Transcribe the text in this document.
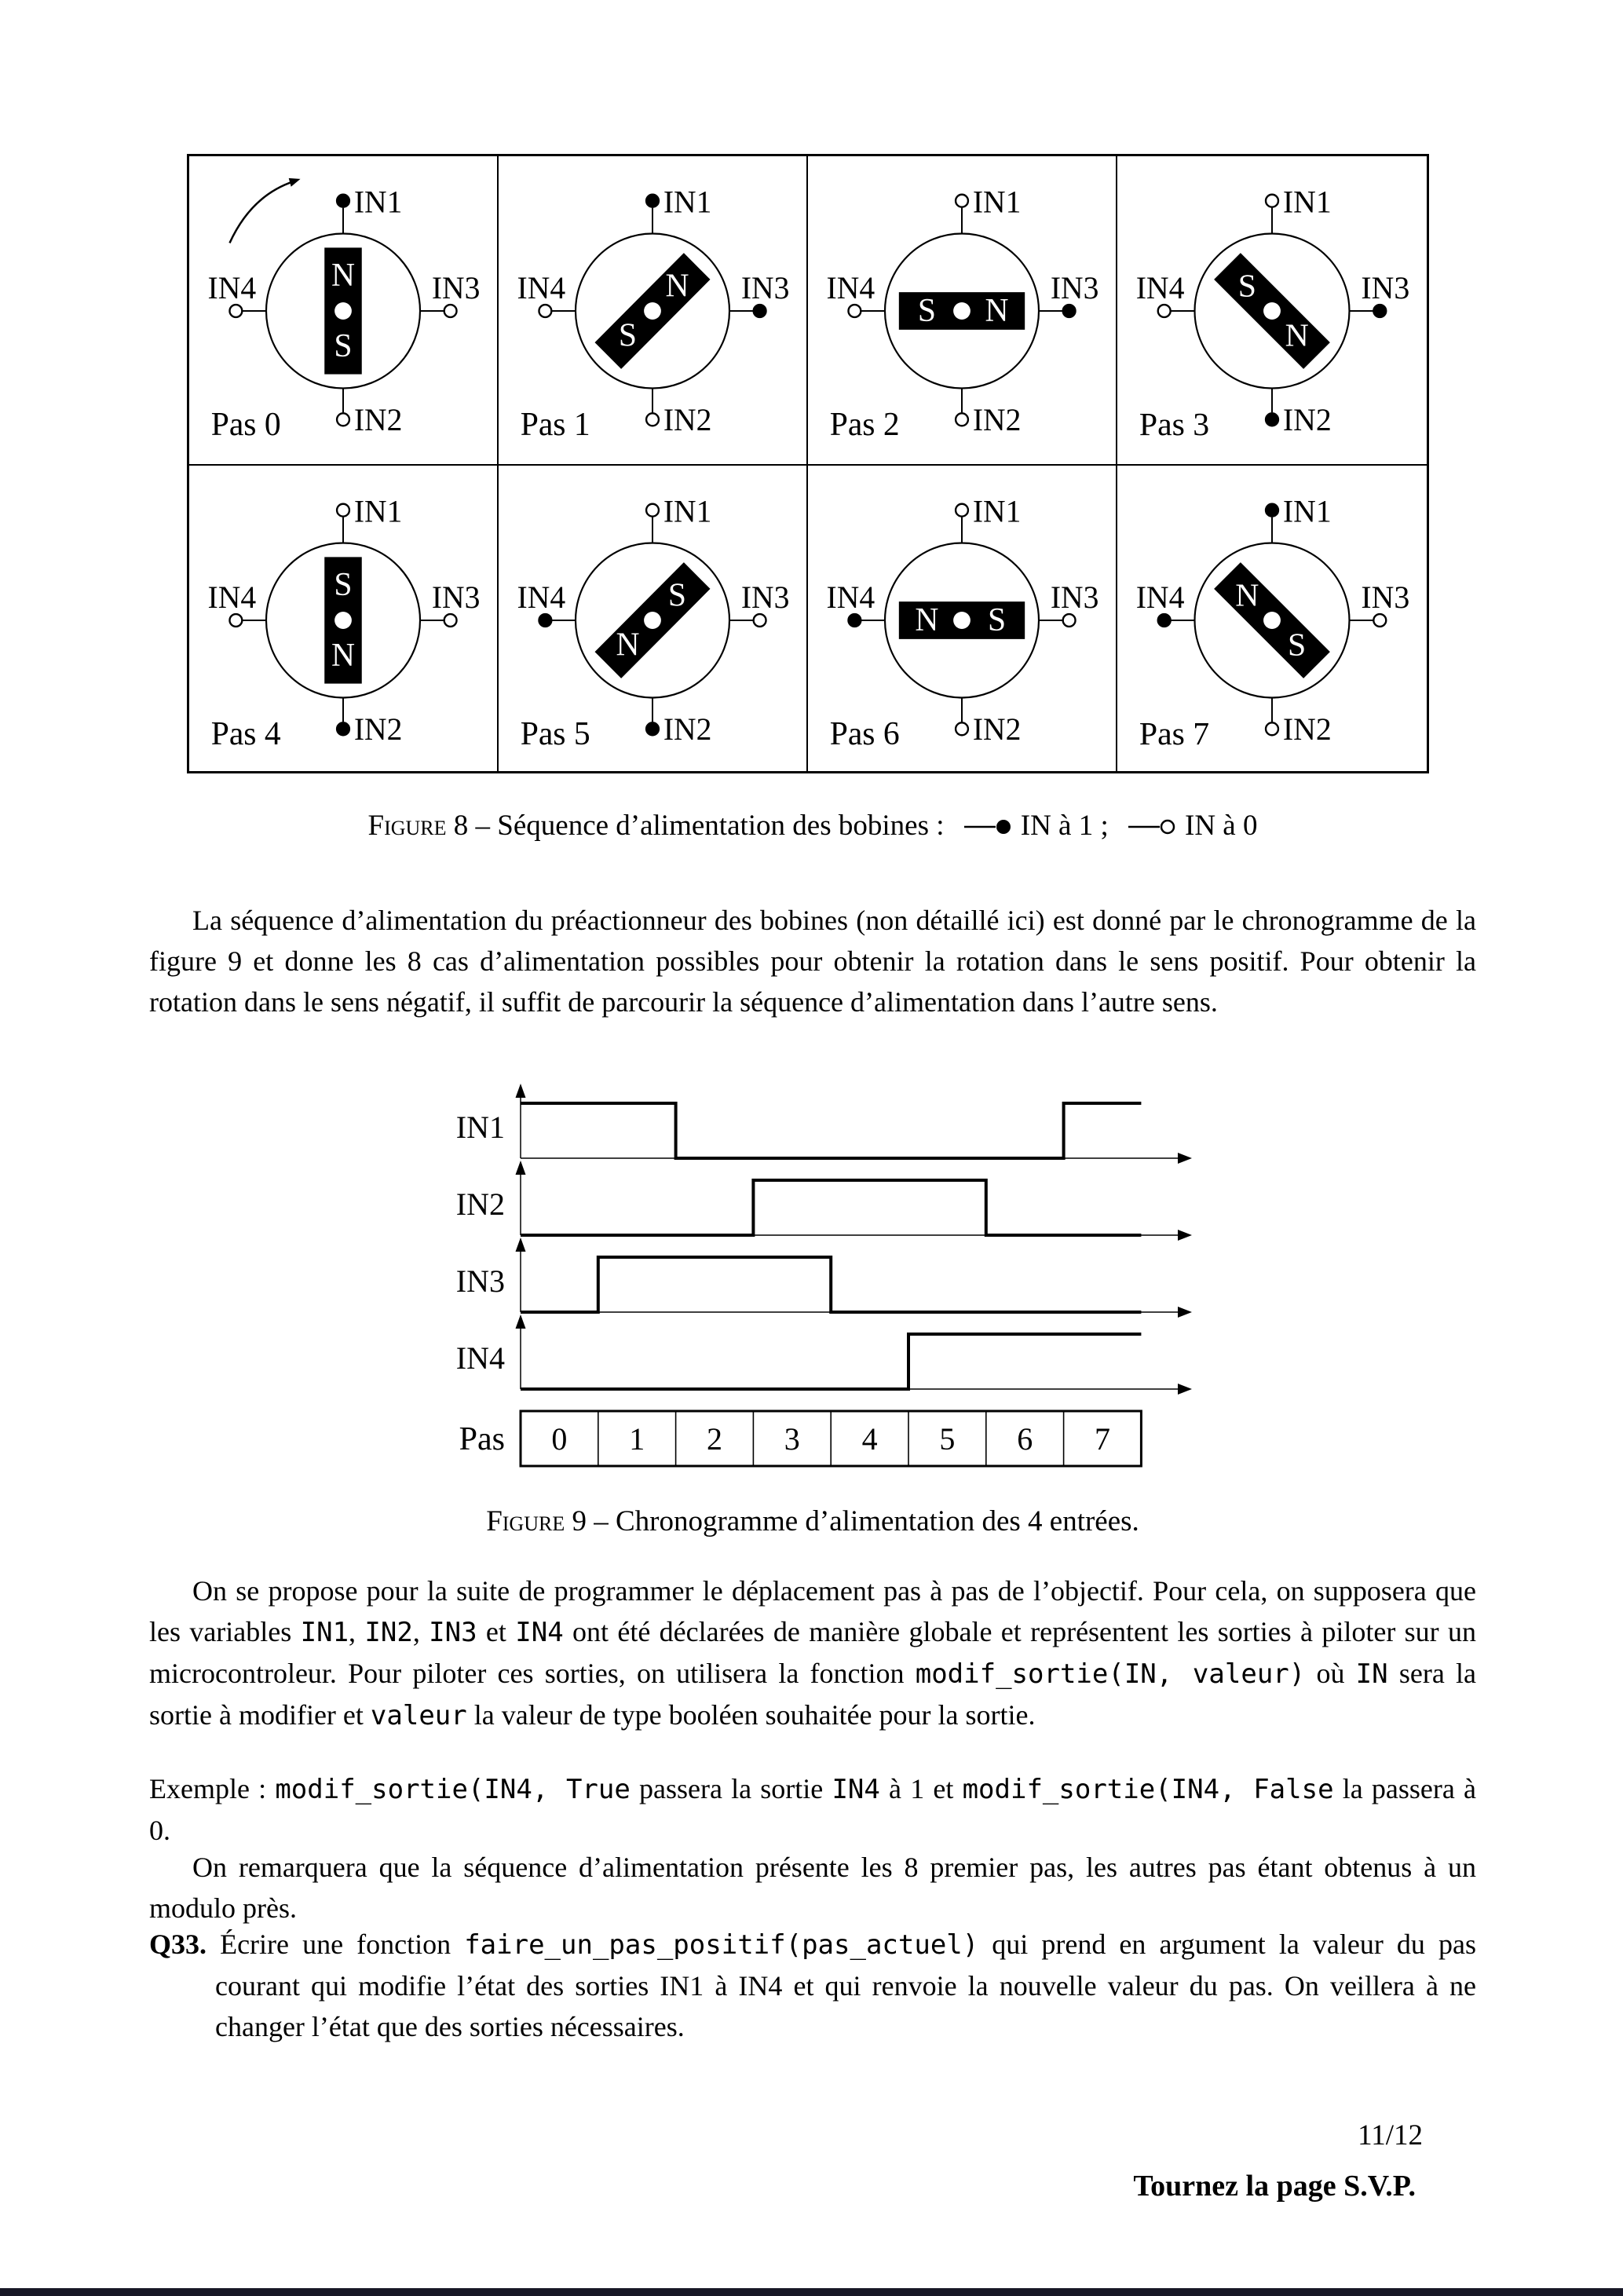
N
S
IN1
IN2
IN4	IN3
Pas 0
N
S
IN1
IN2
IN4	IN3
Pas 1
N
S
IN1
IN2
IN4	IN3
Pas 2
N
S
IN1
IN2
IN4	IN3
Pas 3
N
S
IN1
IN2
IN4	IN3
Pas 4
N
S
IN1
IN2
IN4	IN3
Pas 5
N S
IN1
IN2
IN4	IN3
Pas 6
N
S
IN1
IN2
IN4	IN3
Pas 7
Figure 8 – Séquence d’alimentation des bobines :	IN à 1 ;	IN à 0
La séquence d’alimentation du préactionneur des bobines (non détaillé ici) est donné par le chronogramme de la figure 9 et donne les 8 cas d’alimentation possibles pour obtenir la rotation dans le sens positif. Pour obtenir la rotation dans le sens négatif, il suffit de parcourir la séquence d’alimentation dans l’autre sens.
IN1
IN2
IN3
IN4
0 1 2 3 4 5 6 7
Pas
Figure 9 – Chronogramme d’alimentation des 4 entrées.
On se propose pour la suite de programmer le déplacement pas à pas de l’objectif. Pour cela, on supposera que les variables IN1, IN2, IN3 et IN4 ont été déclarées de manière globale et représentent les sorties à piloter sur un microcontroleur. Pour piloter ces sorties, on utilisera la fonction modif_sortie(IN, valeur) où IN sera la sortie à modifier et valeur la valeur de type booléen souhaitée pour la sortie.
Exemple : modif_sortie(IN4, True passera la sortie IN4 à 1 et modif_sortie(IN4, False la passera à 0.
On remarquera que la séquence d’alimentation présente les 8 premier pas, les autres pas étant obtenus à un modulo près.
Q33. Écrire une fonction faire_un_pas_positif(pas_actuel) qui prend en argument la valeur du pas courant qui modifie l’état des sorties IN1 à IN4 et qui renvoie la nouvelle valeur du pas. On veillera à ne changer l’état que des sorties nécessaires.
11/12
Tournez la page S.V.P.
